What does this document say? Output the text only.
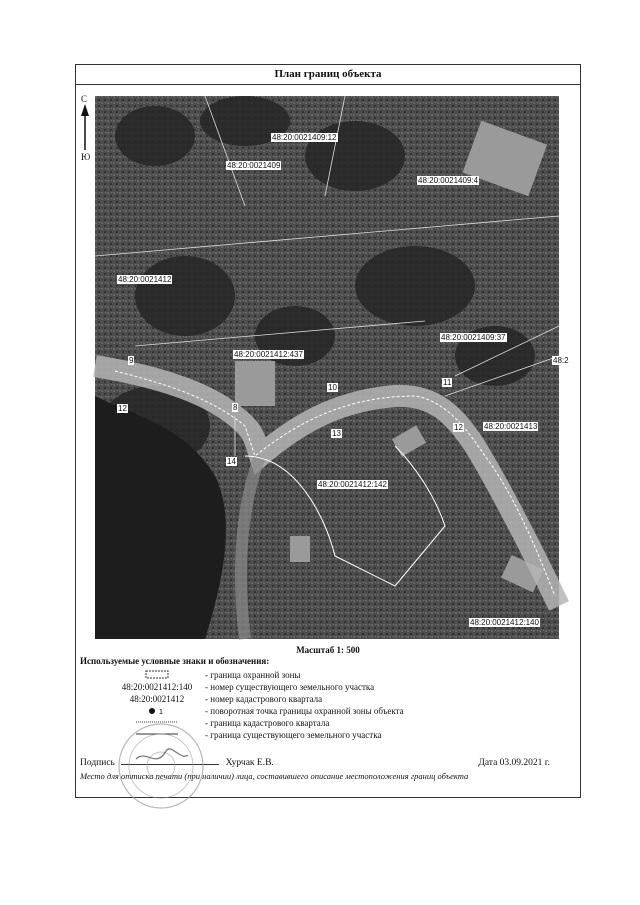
План границ объекта
С
Ю
48:20:0021409:12
48:20:0021409
48:20:0021409:4
48:20:0021412
48:20:0021409:37
48:2
48:20:0021412:437
48:20:0021413
48:20:0021412:142
48:20:0021412:140
9
12	8
14
10
13
11
12
Масштаб 1: 500
Используемые условные знаки и обозначения:
- граница охранной зоны
48:20:0021412:140	- номер существующего земельного участка
48:20:0021412	- номер кадастрового квартала
1	- поворотная точка границы охранной зоны объекта
- граница кадастрового квартала
- граница существующего земельного участка
Подпись	Хурчак Е.В.	Дата 03.09.2021 г.
Место для оттиска печати (при наличии) лица, составившего описание местоположения границ объекта
